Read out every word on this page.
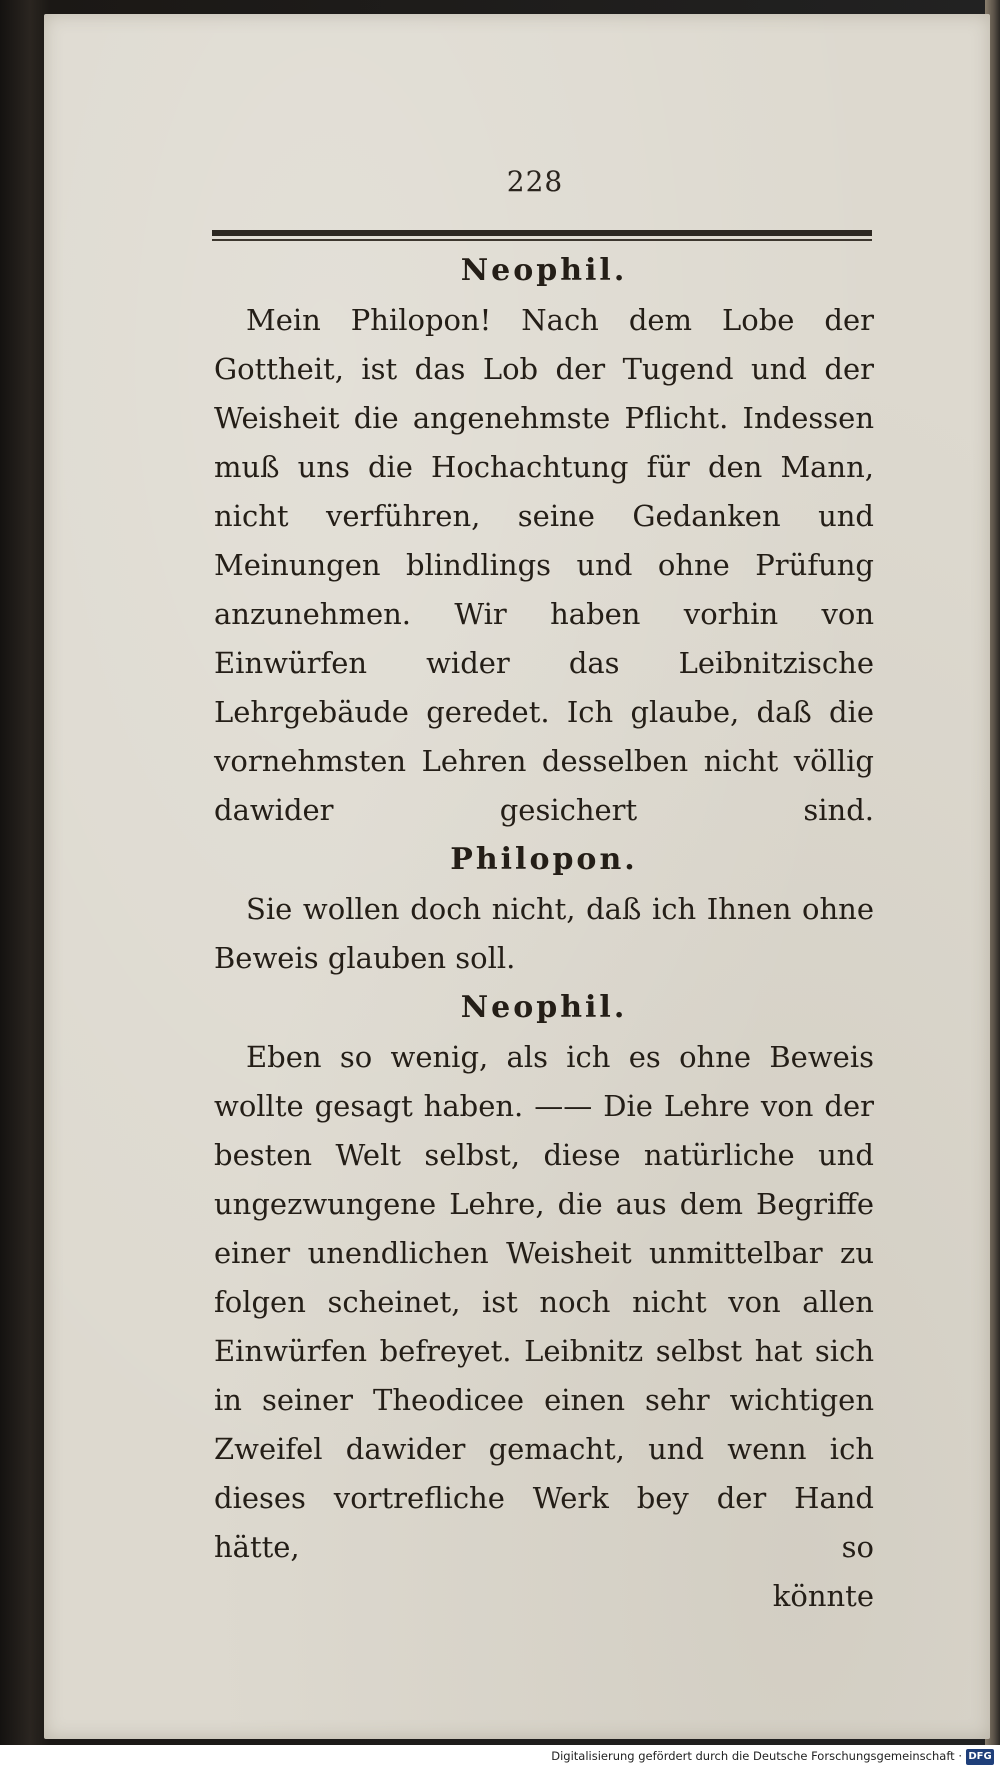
228
Neophil.
Mein Philopon! Nach dem Lobe der Gottheit, ist das Lob der Tugend und der Weisheit die angenehmste Pflicht. Indessen muß uns die Hochachtung für den Mann, nicht verführen, seine Gedanken und Meinungen blindlings und ohne Prüfung anzunehmen. Wir haben vorhin von Einwürfen wider das Leibnitzische Lehrgebäude geredet. Ich glaube, daß die vornehmsten Lehren desselben nicht völlig dawider gesichert sind.
Philopon.
Sie wollen doch nicht, daß ich Ihnen ohne Beweis glauben soll.
Neophil.
Eben so wenig, als ich es ohne Beweis wollte gesagt haben. —— Die Lehre von der besten Welt selbst, diese natürliche und ungezwungene Lehre, die aus dem Begriffe einer unendlichen Weisheit unmittelbar zu folgen scheinet, ist noch nicht von allen Einwürfen befreyet. Leibnitz selbst hat sich in seiner Theodicee einen sehr wichtigen Zweifel dawider gemacht, und wenn ich dieses vortrefliche Werk bey der Hand hätte, so
könnte
Digitalisierung gefördert durch die Deutsche Forschungsgemeinschaft · DFG
